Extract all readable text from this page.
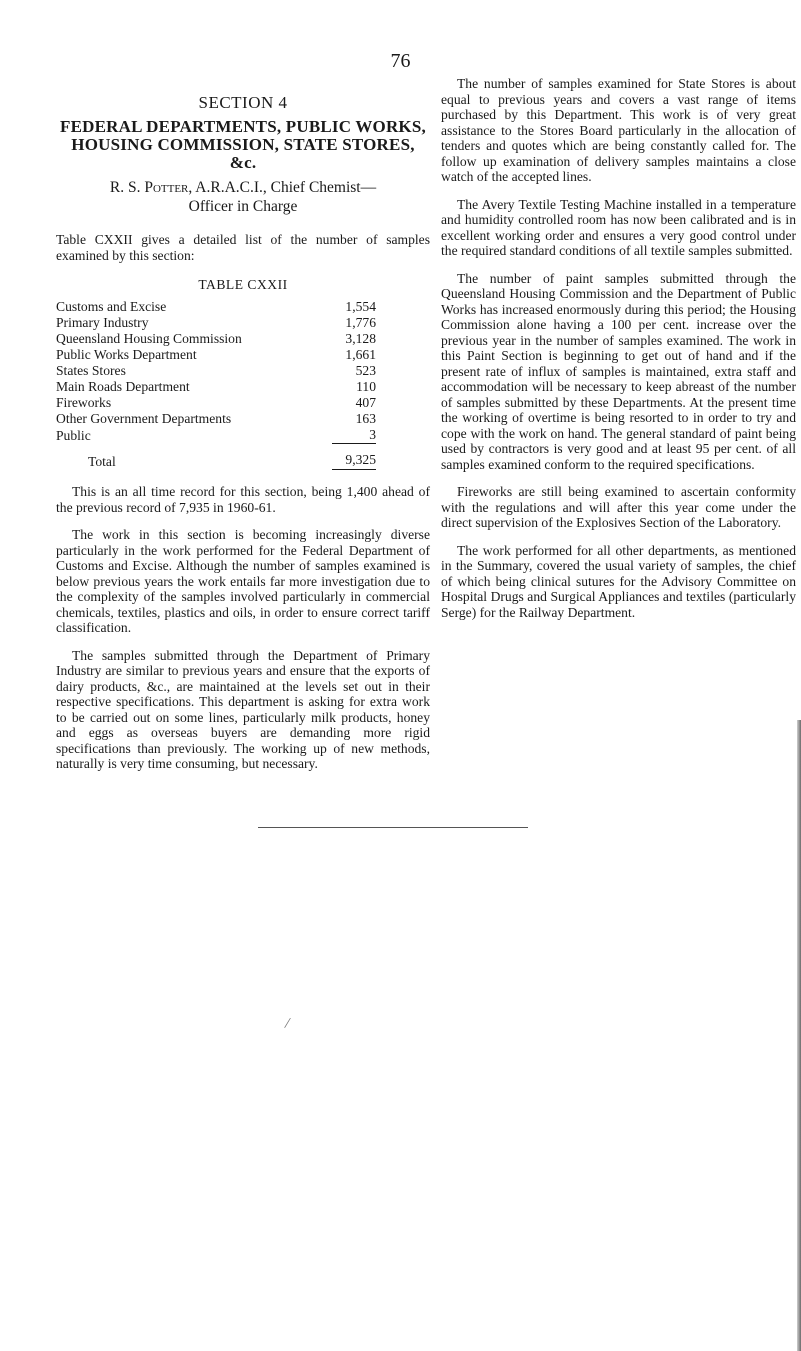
76

SECTION 4

FEDERAL DEPARTMENTS, PUBLIC WORKS, HOUSING COMMISSION, STATE STORES, &c.

R. S. Potter, A.R.A.C.I., Chief Chemist—
Officer in Charge

Table CXXII gives a detailed list of the number of samples examined by this section:

TABLE CXXII
Customs and Excise	1,554
Primary Industry	1,776
Queensland Housing Commission	3,128
Public Works Department	1,661
States Stores	523
Main Roads Department	110
Fireworks	407
Other Government Departments	163
Public	3
Total	9,325

This is an all time record for this section, being 1,400 ahead of the previous record of 7,935 in 1960-61.

The work in this section is becoming increasingly diverse particularly in the work performed for the Federal Department of Customs and Excise. Although the number of samples examined is below previous years the work entails far more investigation due to the complexity of the samples involved particularly in commercial chemicals, textiles, plastics and oils, in order to ensure correct tariff classification.

The samples submitted through the Department of Primary Industry are similar to previous years and ensure that the exports of dairy products, &c., are maintained at the levels set out in their respective specifications. This department is asking for extra work to be carried out on some lines, particularly milk products, honey and eggs as overseas buyers are demanding more rigid specifications than previously. The working up of new methods, naturally is very time consuming, but necessary.

The number of samples examined for State Stores is about equal to previous years and covers a vast range of items purchased by this Department. This work is of very great assistance to the Stores Board particularly in the allocation of tenders and quotes which are being constantly called for. The follow up examination of delivery samples maintains a close watch of the accepted lines.

The Avery Textile Testing Machine installed in a temperature and humidity controlled room has now been calibrated and is in excellent working order and ensures a very good control under the required standard conditions of all textile samples submitted.

The number of paint samples submitted through the Queensland Housing Commission and the Department of Public Works has increased enormously during this period; the Housing Commission alone having a 100 per cent. increase over the previous year in the number of samples examined. The work in this Paint Section is beginning to get out of hand and if the present rate of influx of samples is maintained, extra staff and accommodation will be necessary to keep abreast of the number of samples submitted by these Departments. At the present time the working of overtime is being resorted to in order to try and cope with the work on hand. The general standard of paint being used by contractors is very good and at least 95 per cent. of all samples examined conform to the required specifications.

Fireworks are still being examined to ascertain conformity with the regulations and will after this year come under the direct supervision of the Explosives Section of the Laboratory.

The work performed for all other departments, as mentioned in the Summary, covered the usual variety of samples, the chief of which being clinical sutures for the Advisory Committee on Hospital Drugs and Surgical Appliances and textiles (particularly Serge) for the Railway Department.

/
